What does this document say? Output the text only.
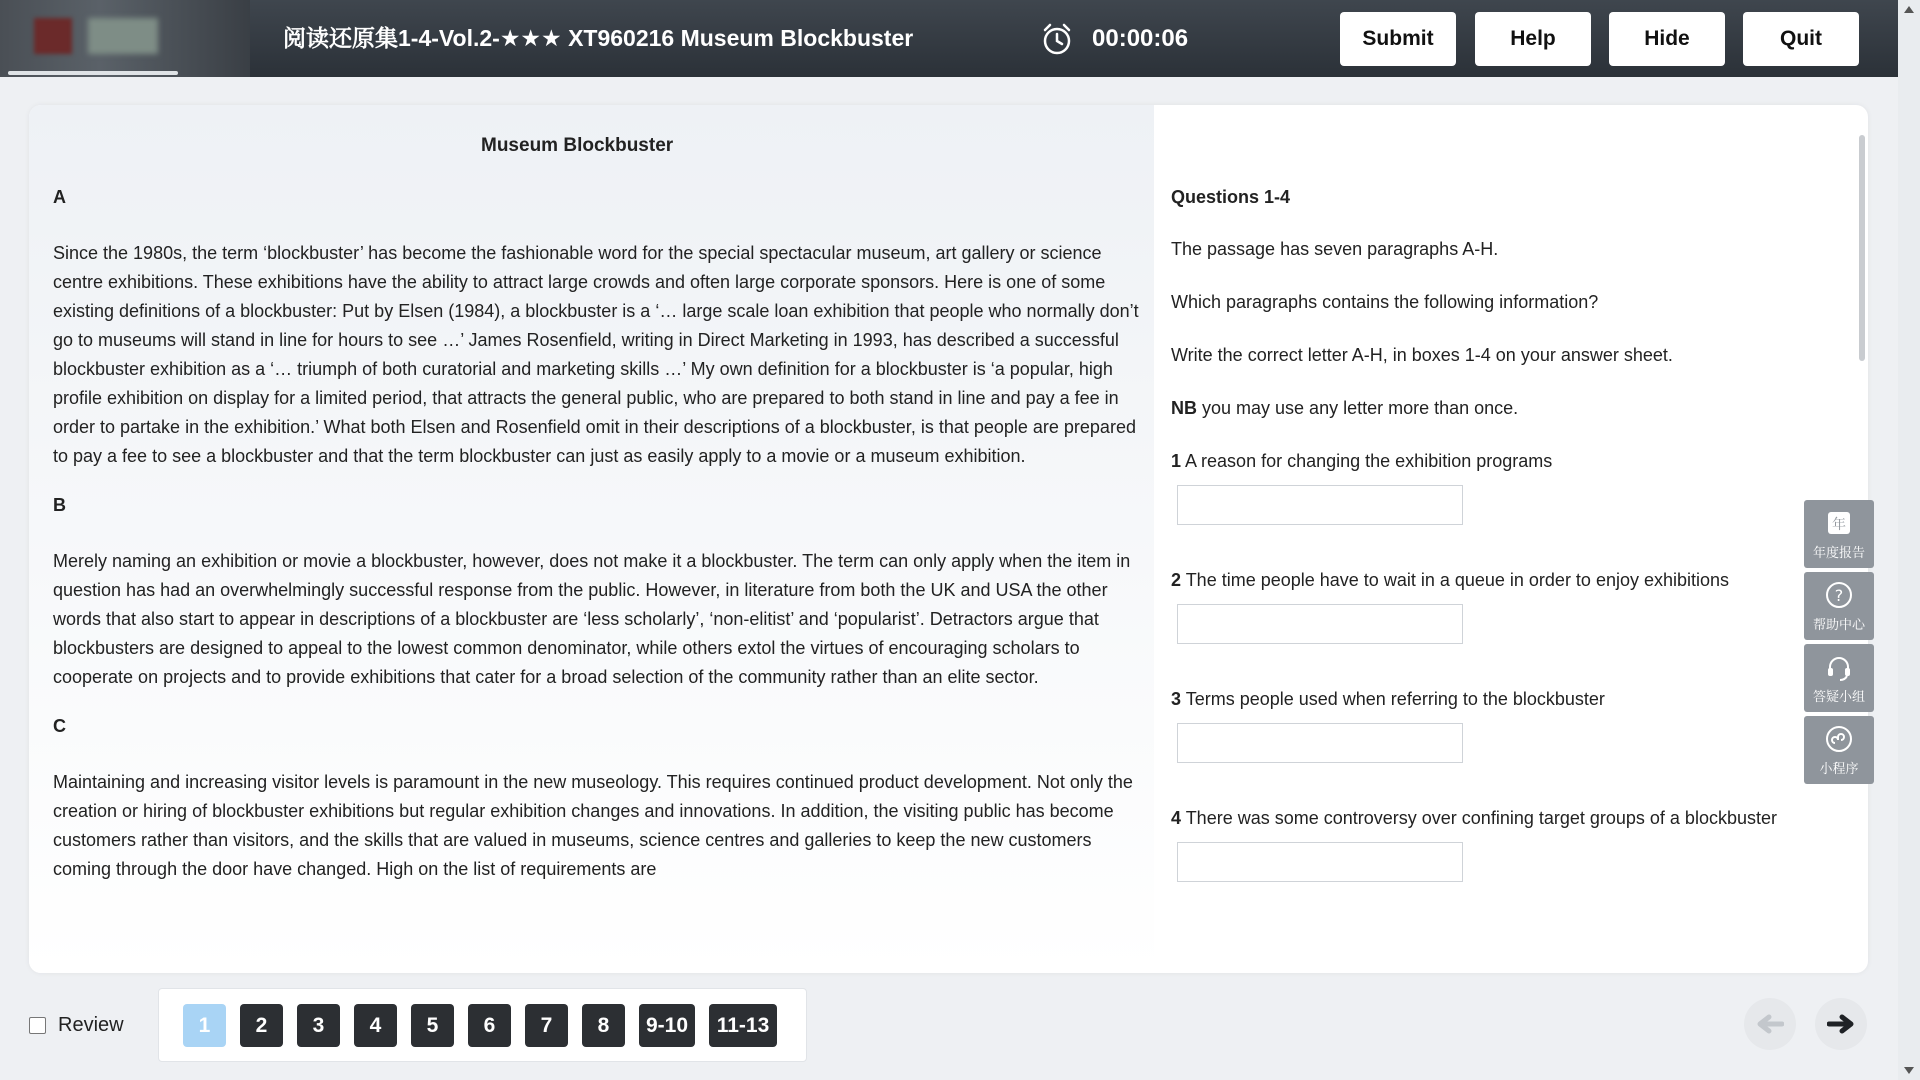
阅读还原集1-4-Vol.2-★★★ XT960216 Museum Blockbuster	00:00:06	Submit	Help	Hide	Quit
Museum Blockbuster
A
Since the 1980s, the term ‘blockbuster’ has become the fashionable word for the special spectacular museum, art gallery or science centre exhibitions. These exhibitions have the ability to attract large crowds and often large corporate sponsors. Here is one of some existing definitions of a blockbuster: Put by Elsen (1984), a blockbuster is a ‘… large scale loan exhibition that people who normally don’t go to museums will stand in line for hours to see …’ James Rosenfield, writing in Direct Marketing in 1993, has described a successful blockbuster exhibition as a ‘… triumph of both curatorial and marketing skills …’ My own definition for a blockbuster is ‘a popular, high profile exhibition on display for a limited period, that attracts the general public, who are prepared to both stand in line and pay a fee in order to partake in the exhibition.’ What both Elsen and Rosenfield omit in their descriptions of a blockbuster, is that people are prepared to pay a fee to see a blockbuster and that the term blockbuster can just as easily apply to a movie or a museum exhibition.
B
Merely naming an exhibition or movie a blockbuster, however, does not make it a blockbuster. The term can only apply when the item in question has had an overwhelmingly successful response from the public. However, in literature from both the UK and USA the other words that also start to appear in descriptions of a blockbuster are ‘less scholarly’, ‘non-elitist’ and ‘popularist’. Detractors argue that blockbusters are designed to appeal to the lowest common denominator, while others extol the virtues of encouraging scholars to cooperate on projects and to provide exhibitions that cater for a broad selection of the community rather than an elite sector.
C
Maintaining and increasing visitor levels is paramount in the new museology. This requires continued product development. Not only the creation or hiring of blockbuster exhibitions but regular exhibition changes and innovations. In addition, the visiting public has become customers rather than visitors, and the skills that are valued in museums, science centres and galleries to keep the new customers coming through the door have changed. High on the list of requirements are
Questions 1-4
The passage has seven paragraphs A-H.
Which paragraphs contains the following information?
Write the correct letter A-H, in boxes 1-4 on your answer sheet.
NB you may use any letter more than once.
1 A reason for changing the exhibition programs
2 The time people have to wait in a queue in order to enjoy exhibitions
3 Terms people used when referring to the blockbuster
4 There was some controversy over confining target groups of a blockbuster
年
年度报告
?
帮助中心
答疑小组
小程序
Review	1	2	3	4	5	6	7	8	9-10	11-13
